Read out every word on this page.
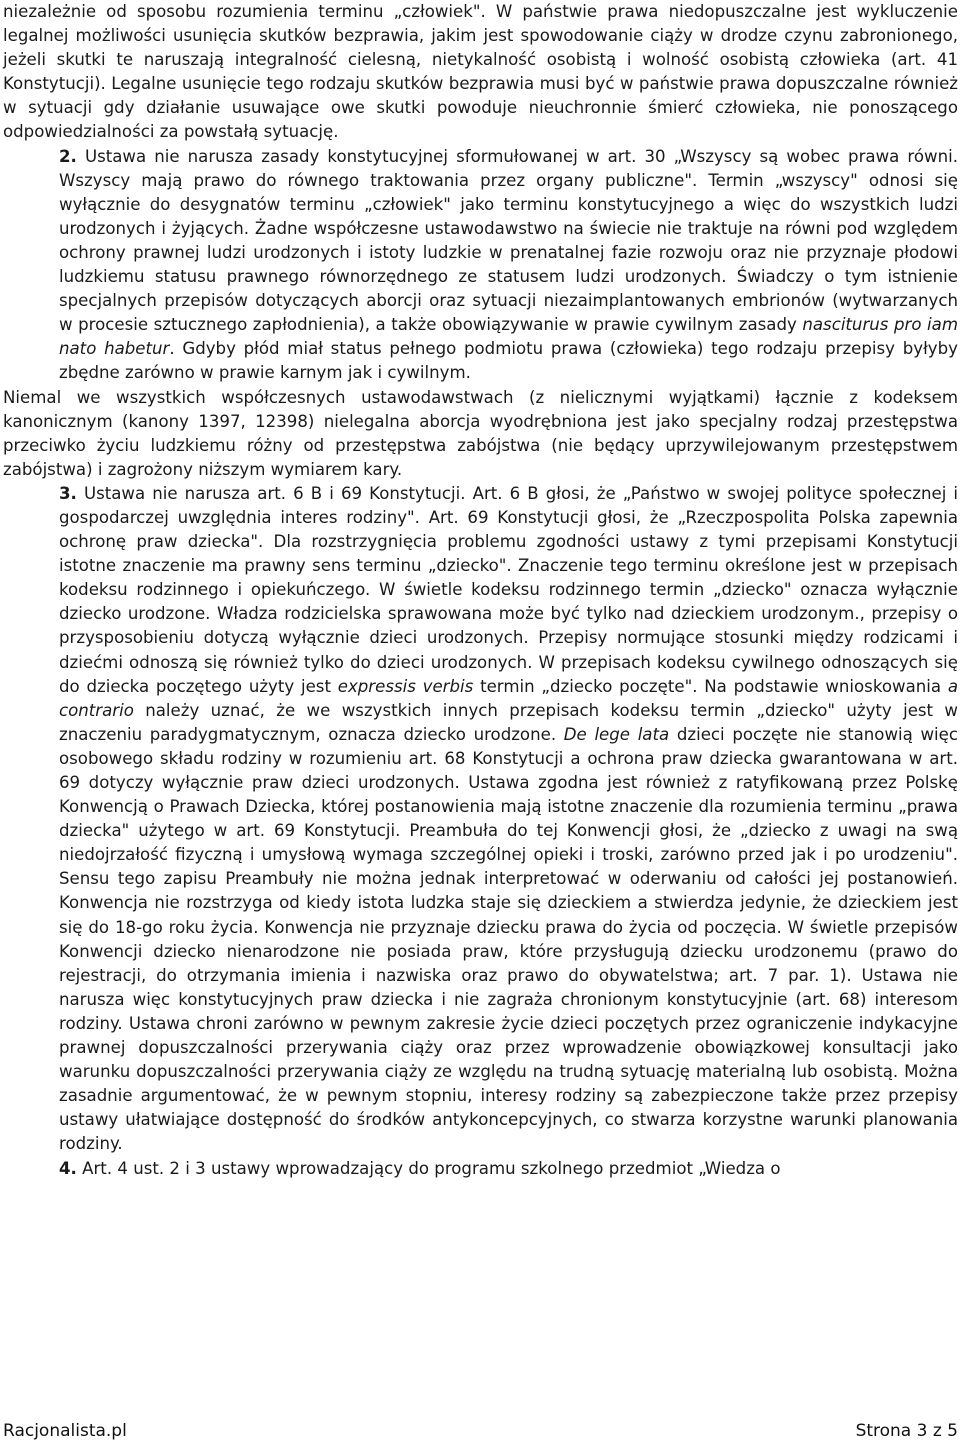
niezależnie od sposobu rozumienia terminu „człowiek". W państwie prawa niedopuszczalne jest wykluczenie legalnej możliwości usunięcia skutków bezprawia, jakim jest spowodowanie ciąży w drodze czynu zabronionego, jeżeli skutki te naruszają integralność cielesną, nietykalność osobistą i wolność osobistą człowieka (art. 41 Konstytucji). Legalne usunięcie tego rodzaju skutków bezprawia musi być w państwie prawa dopuszczalne również w sytuacji gdy działanie usuwające owe skutki powoduje nieuchronnie śmierć człowieka, nie ponoszącego odpowiedzialności za powstałą sytuację.

2. Ustawa nie narusza zasady konstytucyjnej sformułowanej w art. 30 „Wszyscy są wobec prawa równi. Wszyscy mają prawo do równego traktowania przez organy publiczne". Termin „wszyscy" odnosi się wyłącznie do desygnatów terminu „człowiek" jako terminu konstytucyjnego a więc do wszystkich ludzi urodzonych i żyjących. Żadne współczesne ustawodawstwo na świecie nie traktuje na równi pod względem ochrony prawnej ludzi urodzonych i istoty ludzkie w prenatalnej fazie rozwoju oraz nie przyznaje płodowi ludzkiemu statusu prawnego równorzędnego ze statusem ludzi urodzonych. Świadczy o tym istnienie specjalnych przepisów dotyczących aborcji oraz sytuacji niezaimplantowanych embrionów (wytwarzanych w procesie sztucznego zapłodnienia), a także obowiązywanie w prawie cywilnym zasady nasciturus pro iam nato habetur. Gdyby płód miał status pełnego podmiotu prawa (człowieka) tego rodzaju przepisy byłyby zbędne zarówno w prawie karnym jak i cywilnym.

Niemal we wszystkich współczesnych ustawodawstwach (z nielicznymi wyjątkami) łącznie z kodeksem kanonicznym (kanony 1397, 12398) nielegalna aborcja wyodrębniona jest jako specjalny rodzaj przestępstwa przeciwko życiu ludzkiemu różny od przestępstwa zabójstwa (nie będący uprzywilejowanym przestępstwem zabójstwa) i zagrożony niższym wymiarem kary.

3. Ustawa nie narusza art. 6 B i 69 Konstytucji. Art. 6 B głosi, że „Państwo w swojej polityce społecznej i gospodarczej uwzględnia interes rodziny". Art. 69 Konstytucji głosi, że „Rzeczpospolita Polska zapewnia ochronę praw dziecka". Dla rozstrzygnięcia problemu zgodności ustawy z tymi przepisami Konstytucji istotne znaczenie ma prawny sens terminu „dziecko". Znaczenie tego terminu określone jest w przepisach kodeksu rodzinnego i opiekuńczego. W świetle kodeksu rodzinnego termin „dziecko" oznacza wyłącznie dziecko urodzone. Władza rodzicielska sprawowana może być tylko nad dzieckiem urodzonym., przepisy o przysposobieniu dotyczą wyłącznie dzieci urodzonych. Przepisy normujące stosunki między rodzicami i dziećmi odnoszą się również tylko do dzieci urodzonych. W przepisach kodeksu cywilnego odnoszących się do dziecka poczętego użyty jest expressis verbis termin „dziecko poczęte". Na podstawie wnioskowania a contrario należy uznać, że we wszystkich innych przepisach kodeksu termin „dziecko" użyty jest w znaczeniu paradygmatycznym, oznacza dziecko urodzone. De lege lata dzieci poczęte nie stanowią więc osobowego składu rodziny w rozumieniu art. 68 Konstytucji a ochrona praw dziecka gwarantowana w art. 69 dotyczy wyłącznie praw dzieci urodzonych. Ustawa zgodna jest również z ratyfikowaną przez Polskę Konwencją o Prawach Dziecka, której postanowienia mają istotne znaczenie dla rozumienia terminu „prawa dziecka" użytego w art. 69 Konstytucji. Preambuła do tej Konwencji głosi, że „dziecko z uwagi na swą niedojrzałość fizyczną i umysłową wymaga szczególnej opieki i troski, zarówno przed jak i po urodzeniu". Sensu tego zapisu Preambuły nie można jednak interpretować w oderwaniu od całości jej postanowień. Konwencja nie rozstrzyga od kiedy istota ludzka staje się dzieckiem a stwierdza jedynie, że dzieckiem jest się do 18-go roku życia. Konwencja nie przyznaje dziecku prawa do życia od poczęcia. W świetle przepisów Konwencji dziecko nienarodzone nie posiada praw, które przysługują dziecku urodzonemu (prawo do rejestracji, do otrzymania imienia i nazwiska oraz prawo do obywatelstwa; art. 7 par. 1). Ustawa nie narusza więc konstytucyjnych praw dziecka i nie zagraża chronionym konstytucyjnie (art. 68) interesom rodziny. Ustawa chroni zarówno w pewnym zakresie życie dzieci poczętych przez ograniczenie indykacyjne prawnej dopuszczalności przerywania ciąży oraz przez wprowadzenie obowiązkowej konsultacji jako warunku dopuszczalności przerywania ciąży ze względu na trudną sytuację materialną lub osobistą. Można zasadnie argumentować, że w pewnym stopniu, interesy rodziny są zabezpieczone także przez przepisy ustawy ułatwiające dostępność do środków antykoncepcyjnych, co stwarza korzystne warunki planowania rodziny.

4. Art. 4 ust. 2 i 3 ustawy wprowadzający do programu szkolnego przedmiot „Wiedza o

Racjonalista.pl	Strona 3 z 5
